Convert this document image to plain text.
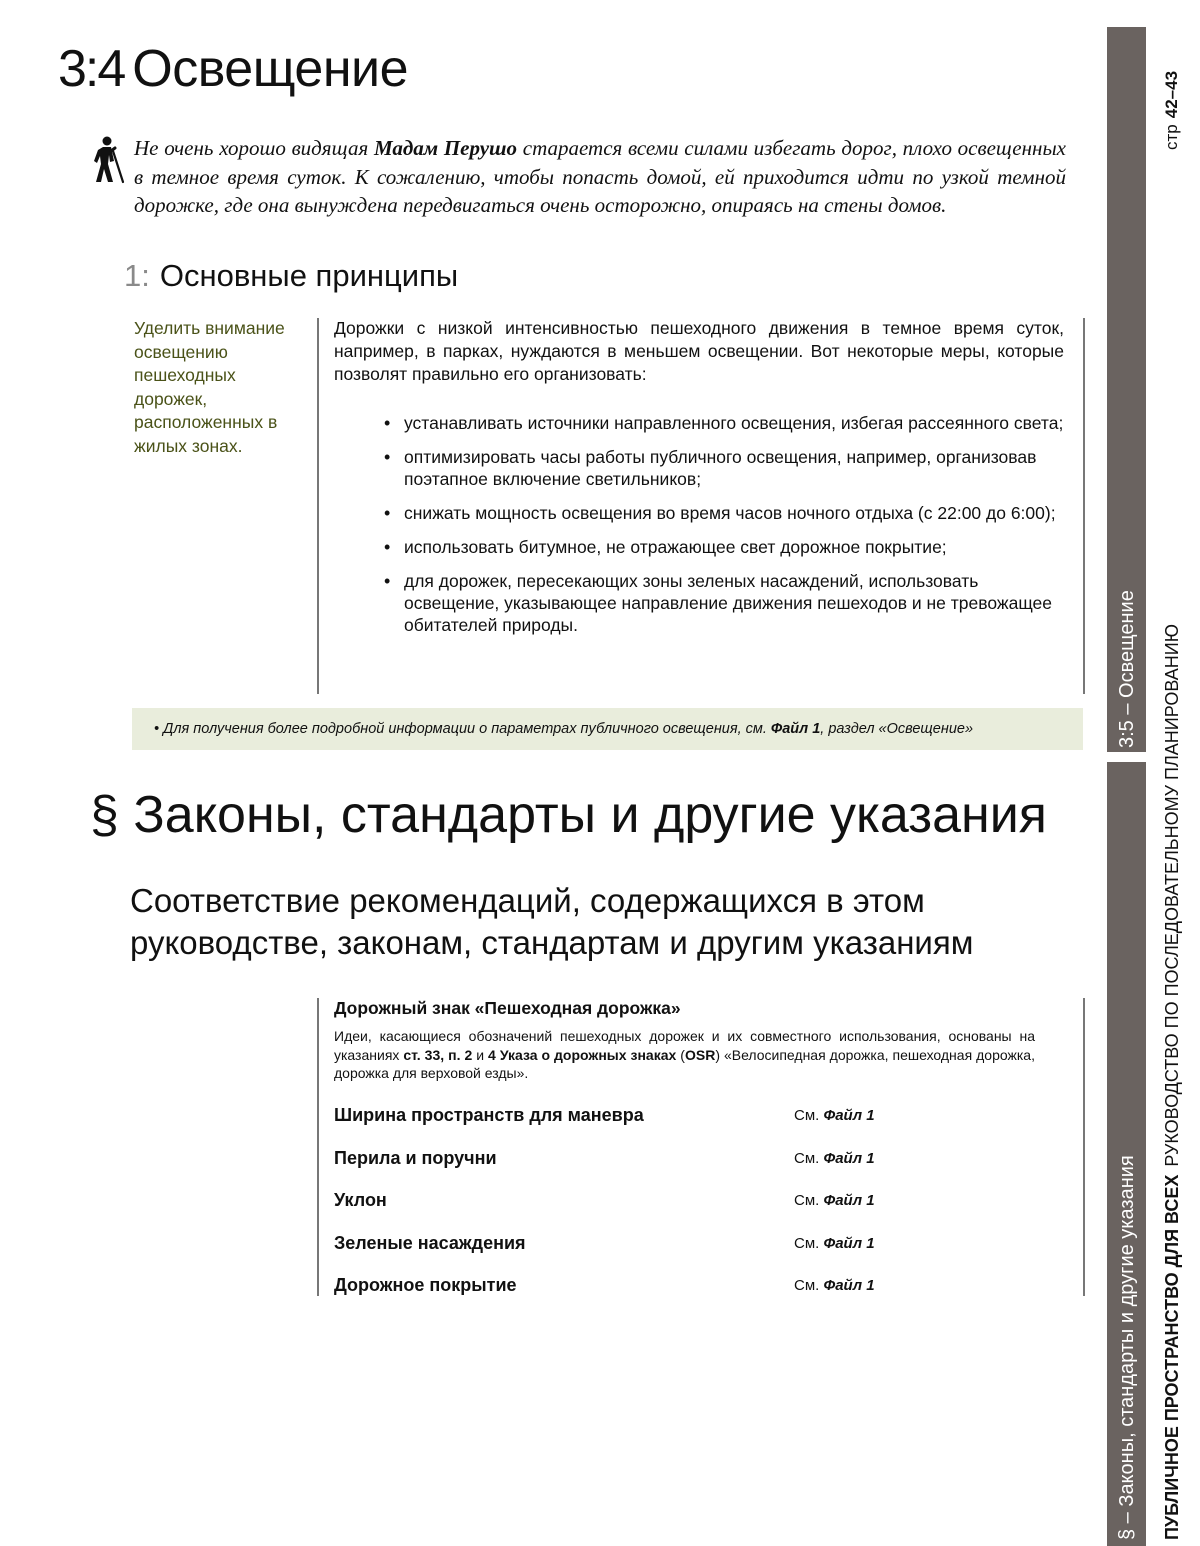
3:4 Освещение

Не очень хорошо видящая Мадам Перушо старается всеми силами избегать дорог, плохо освещенных в темное время суток. К сожалению, чтобы попасть домой, ей приходится идти по узкой темной дорожке, где она вынуждена передвигаться очень осторожно, опираясь на стены домов.

1: Основные принципы
Уделить внимание освещению пешеходных дорожек, расположенных в жилых зонах.

Дорожки с низкой интенсивностью пешеходного движения в темное время суток, например, в парках, нуждаются в меньшем освещении. Вот некоторые меры, которые позволят правильно его организовать:

• устанавливать источники направленного освещения, избегая рассеянного света;
• оптимизировать часы работы публичного освещения, например, организовав поэтапное включение светильников;
• снижать мощность освещения во время часов ночного отдыха (с 22:00 до 6:00);
• использовать битумное, не отражающее свет дорожное покрытие;
• для дорожек, пересекающих зоны зеленых насаждений, использовать освещение, указывающее направление движения пешеходов и не тревожащее обитателей природы.
• Для получения более подробной информации о параметрах публичного освещения, см. Файл 1, раздел «Освещение»
§ Законы, стандарты и другие указания
Соответствие рекомендаций, содержащихся в этом руководстве, законам, стандартам и другим указаниям
Дорожный знак «Пешеходная дорожка»

Идеи, касающиеся обозначений пешеходных дорожек и их совместного использования, основаны на указаниях ст. 33, п. 2 и 4 Указа о дорожных знаках (OSR) «Велосипедная дорожка, пешеходная дорожка, дорожка для верховой езды».

Ширина пространств для маневра	См. Файл 1
Перила и поручни	См. Файл 1
Уклон	См. Файл 1
Зеленые насаждения	См. Файл 1
Дорожное покрытие	См. Файл 1
3:5 – Освещение
§ – Законы, стандарты и другие указания ПУБЛИЧНОЕ ПРОСТРАНСТВО ДЛЯ ВСЕХРУКОВОДСТВО ПО ПОСЛЕДОВАТЕЛЬНОМУ ПЛАНИРОВАНИЮ
стр42–43
